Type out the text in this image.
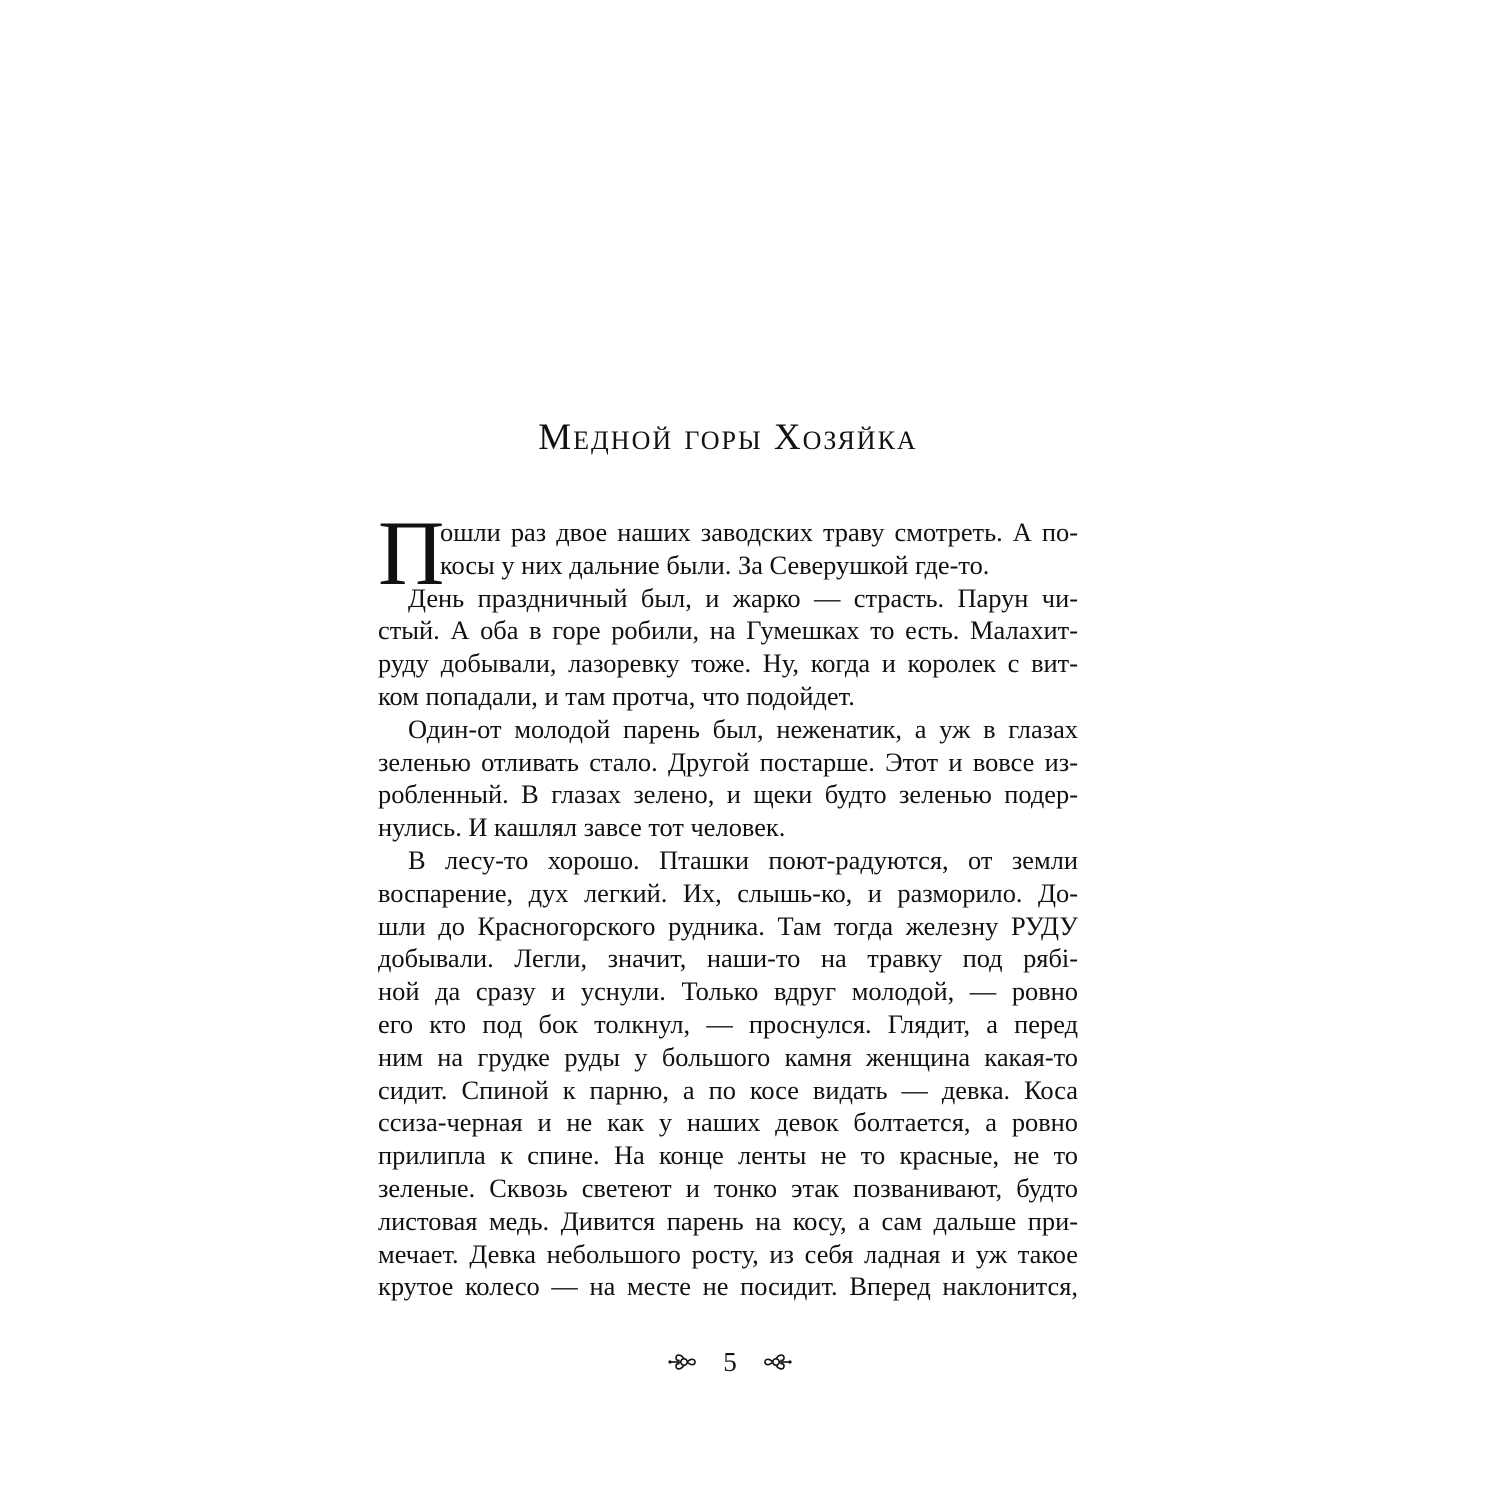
Медной горы Хозяйка
П

ошли раз двое наших заводских траву смотреть. А по-

косы у них дальние были. За Северушкой где-то.

День праздничный был, и жарко — страсть. Парун чи-

стый. А оба в горе робили, на Гумешках то есть. Малахит-

руду добывали, лазоревку тоже. Ну, когда и королек с вит-

ком попадали, и там протча, что подойдет.

Один-от молодой парень был, неженатик, а уж в глазах

зеленью отливать стало. Другой постарше. Этот и вовсе из-

робленный. В глазах зелено, и щеки будто зеленью подер-

нулись. И кашлял завсе тот человек.

В лесу-то хорошо. Пташки поют-радуются, от земли

воспарение, дух легкий. Их, слышь-ко, и разморило. До-

шли до Красногорского рудника. Там тогда железну РУДУ

добывали. Легли, значит, наши-то на травку под рябі-

ной да сразу и уснули. Только вдруг молодой, — ровно

его кто под бок толкнул, — проснулся. Глядит, а перед

ним на грудке руды у большого камня женщина какая-то

сидит. Спиной к парню, а по косе видать — девка. Коса

ссиза-черная и не как у наших девок болтается, а ровно

прилипла к спине. На конце ленты не то красные, не то

зеленые. Сквозь светеют и тонко этак позванивают, будто

листовая медь. Дивится парень на косу, а сам дальше при-

мечает. Девка небольшого росту, из себя ладная и уж такое

крутое колесо — на месте не посидит. Вперед наклонится,

5
